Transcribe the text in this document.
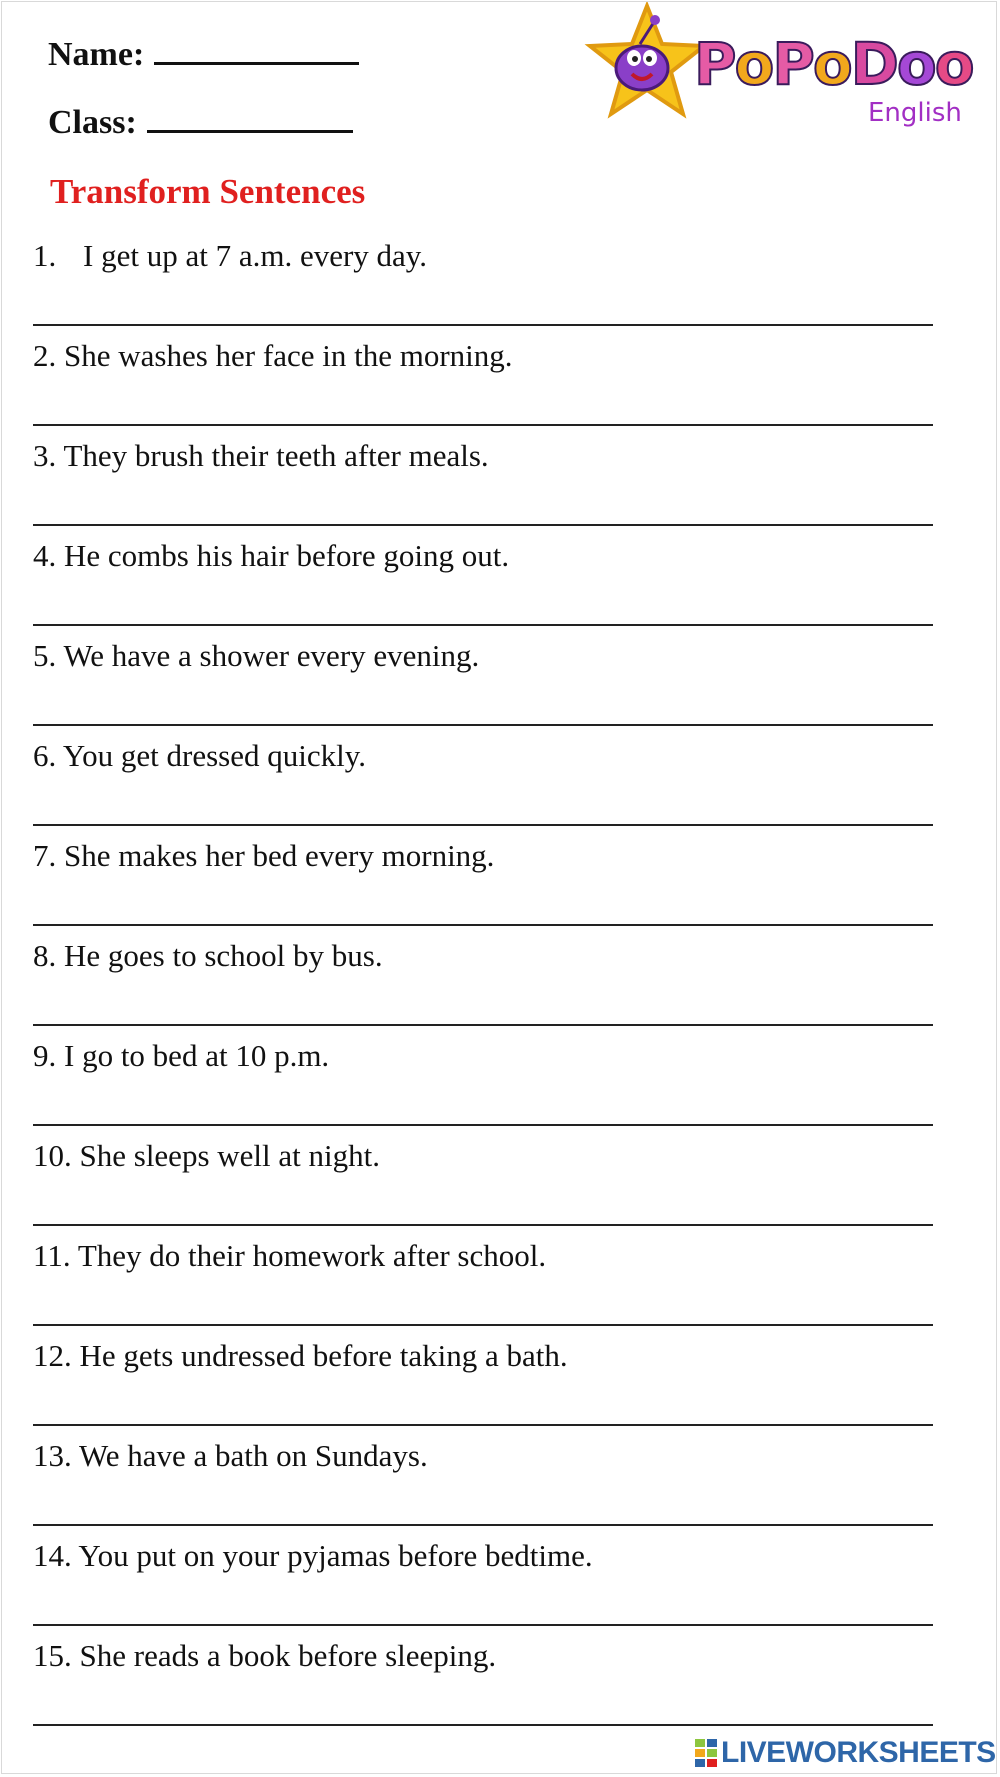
Name:
Class:
Transform Sentences
PoPoDoo
English
1. I get up at 7 a.m. every day.
2. She washes her face in the morning.
3. They brush their teeth after meals.
4. He combs his hair before going out.
5. We have a shower every evening.
6. You get dressed quickly.
7. She makes her bed every morning.
8. He goes to school by bus.
9. I go to bed at 10 p.m.
10. She sleeps well at night.
11. They do their homework after school.
12. He gets undressed before taking a bath.
13. We have a bath on Sundays.
14. You put on your pyjamas before bedtime.
15. She reads a book before sleeping.
LIVEWORKSHEETS
